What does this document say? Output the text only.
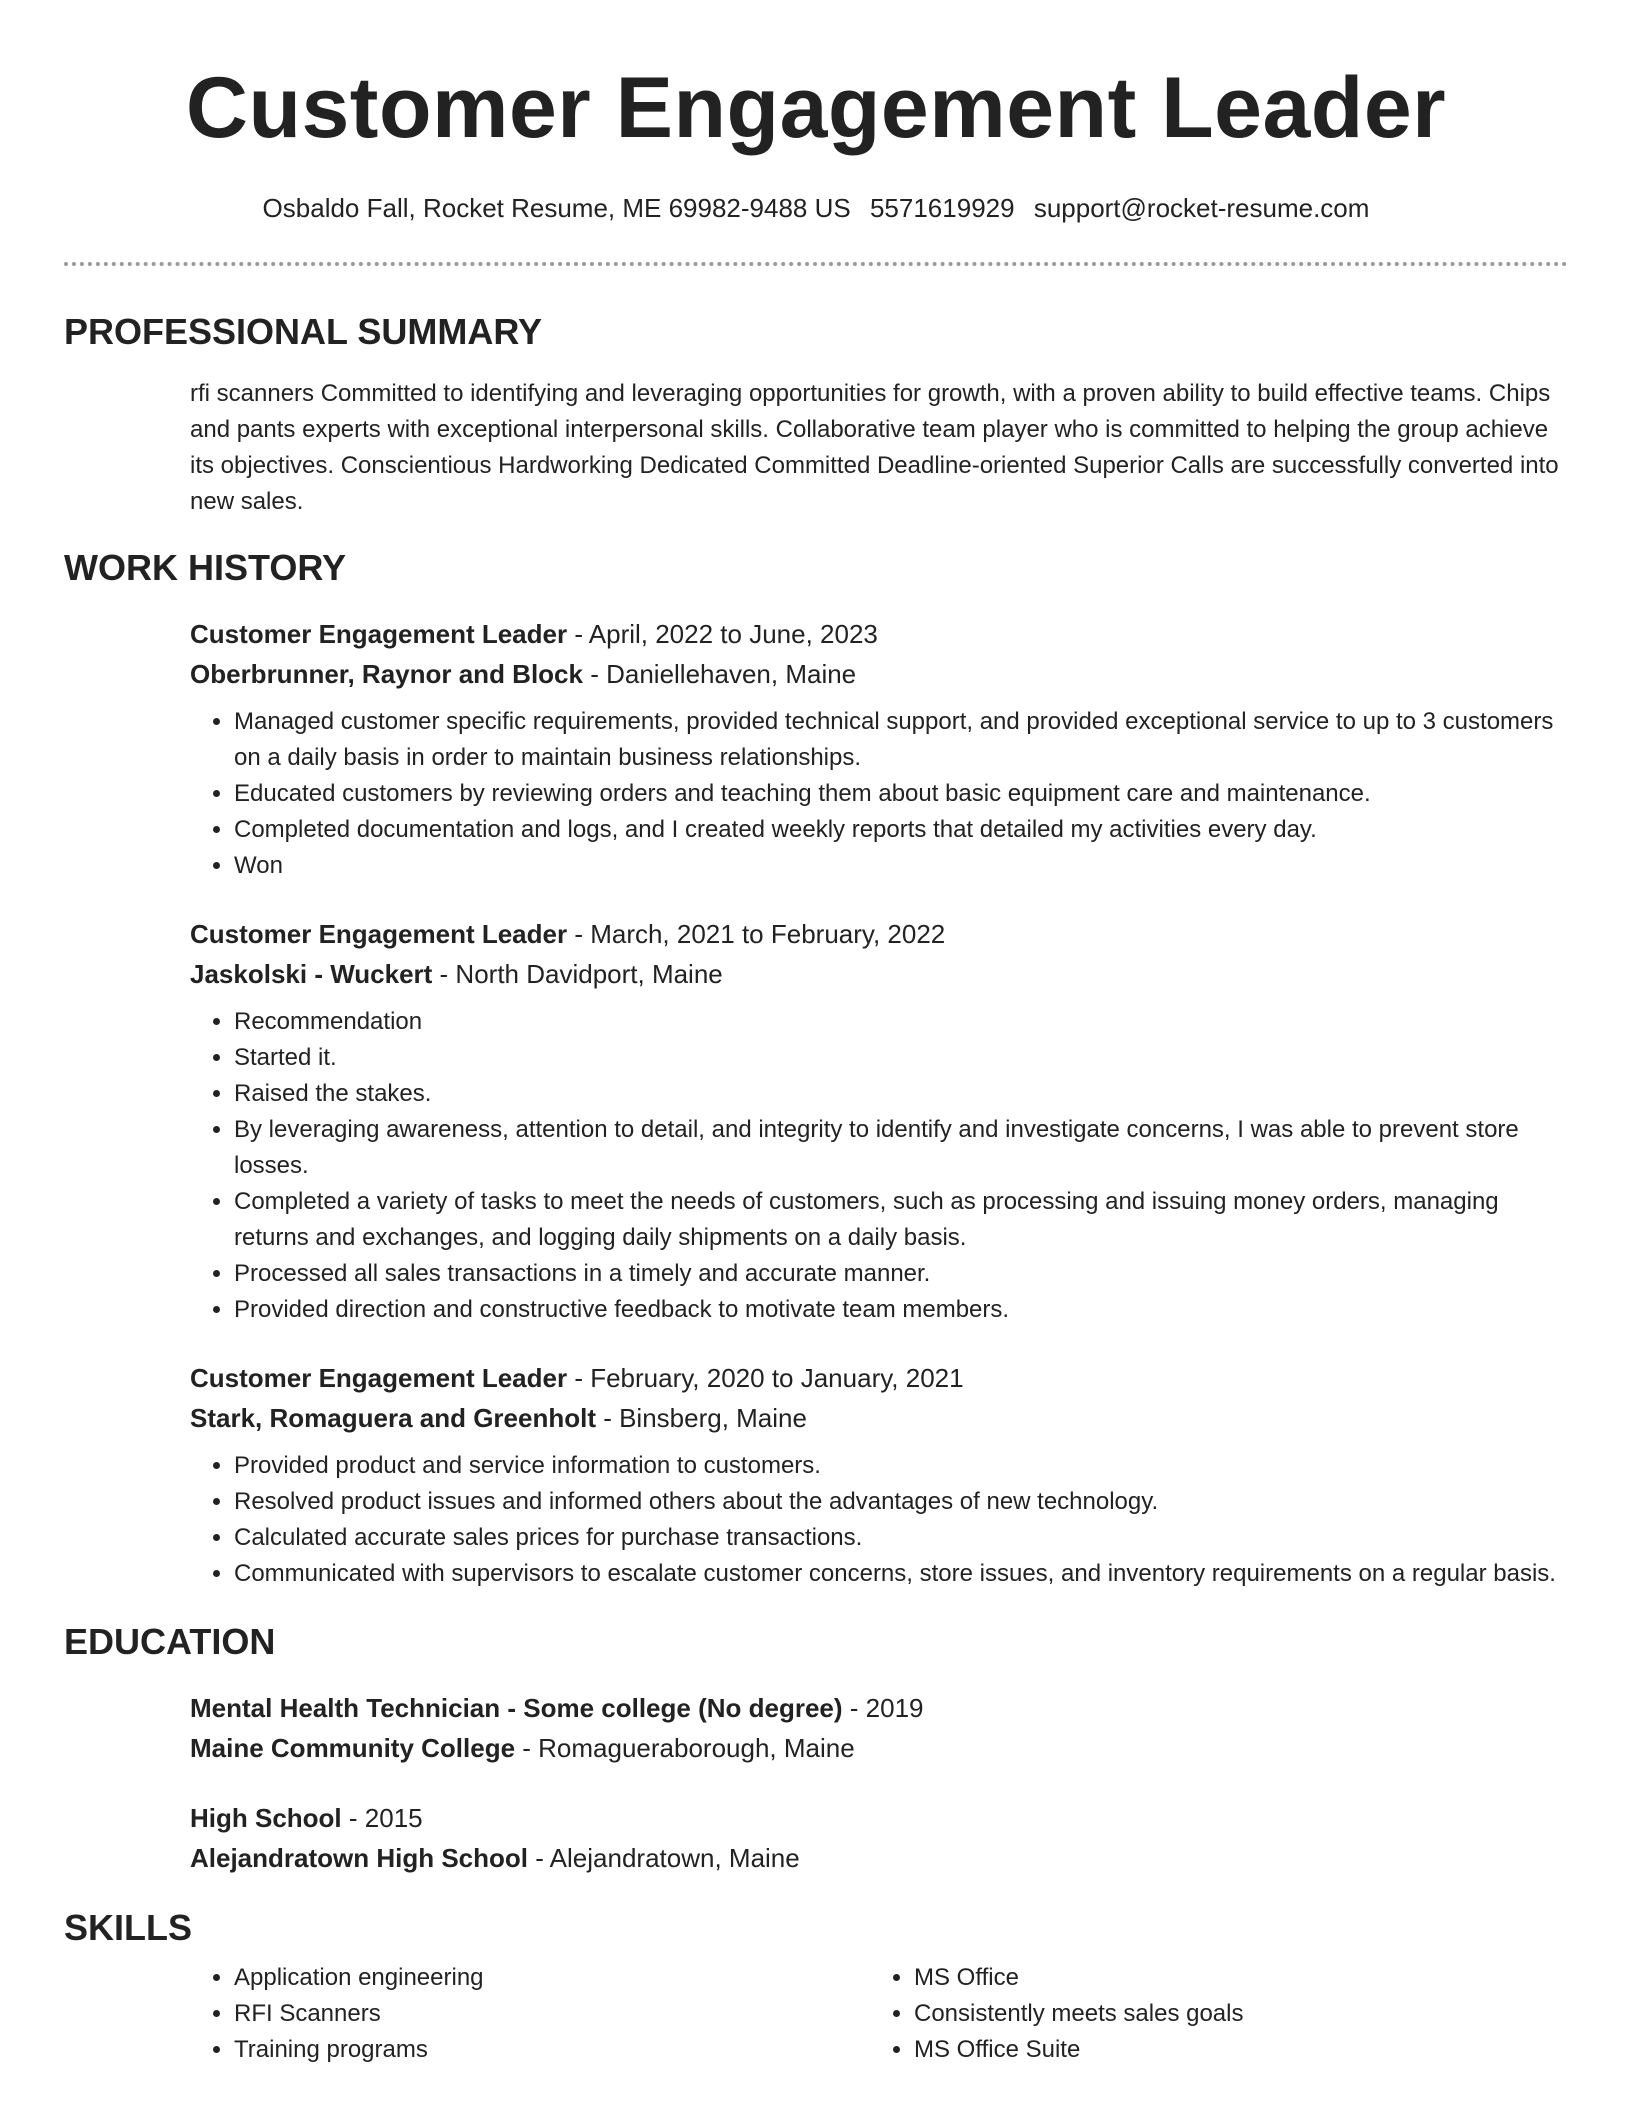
Customer Engagement Leader
Osbaldo Fall, Rocket Resume, ME 69982-9488 US 5571619929 support@rocket-resume.com
PROFESSIONAL SUMMARY

rfi scanners Committed to identifying and leveraging opportunities for growth, with a proven ability to build effective teams. Chips and pants experts with exceptional interpersonal skills. Collaborative team player who is committed to helping the group achieve its objectives. Conscientious Hardworking Dedicated Committed Deadline-oriented Superior Calls are successfully converted into new sales.

WORK HISTORY

Customer Engagement Leader - April, 2022 to June, 2023

Oberbrunner, Raynor and Block - Daniellehaven, Maine

• Managed customer specific requirements, provided technical support, and provided exceptional service to up to 3 customers on a daily basis in order to maintain business relationships.
• Educated customers by reviewing orders and teaching them about basic equipment care and maintenance.
• Completed documentation and logs, and I created weekly reports that detailed my activities every day.
• Won

Customer Engagement Leader - March, 2021 to February, 2022

Jaskolski - Wuckert - North Davidport, Maine

• Recommendation
• Started it.
• Raised the stakes.
• By leveraging awareness, attention to detail, and integrity to identify and investigate concerns, I was able to prevent store losses.
• Completed a variety of tasks to meet the needs of customers, such as processing and issuing money orders, managing returns and exchanges, and logging daily shipments on a daily basis.
• Processed all sales transactions in a timely and accurate manner.
• Provided direction and constructive feedback to motivate team members.

Customer Engagement Leader - February, 2020 to January, 2021

Stark, Romaguera and Greenholt - Binsberg, Maine

• Provided product and service information to customers.
• Resolved product issues and informed others about the advantages of new technology.
• Calculated accurate sales prices for purchase transactions.
• Communicated with supervisors to escalate customer concerns, store issues, and inventory requirements on a regular basis.
EDUCATION

Mental Health Technician - Some college (No degree) - 2019

Maine Community College - Romagueraborough, Maine

High School - 2015

Alejandratown High School - Alejandratown, Maine

SKILLS
• Application engineering
• RFI Scanners
• Training programs
• MS Office
• Consistently meets sales goals
• MS Office Suite
